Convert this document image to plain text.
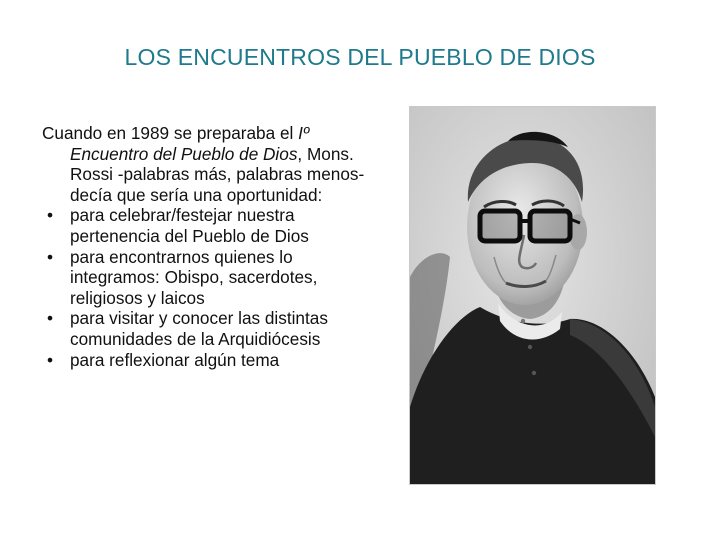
LOS ENCUENTROS DEL PUEBLO DE DIOS
Cuando en 1989 se preparaba el Iº Encuentro del Pueblo de Dios, Mons. Rossi -palabras más, palabras menos- decía que sería una oportunidad:
• para celebrar/festejar nuestra pertenencia del Pueblo de Dios
• para encontrarnos quienes lo integramos: Obispo, sacerdotes, religiosos y laicos
• para visitar y conocer las distintas comunidades de la Arquidiócesis
• para reflexionar algún tema
